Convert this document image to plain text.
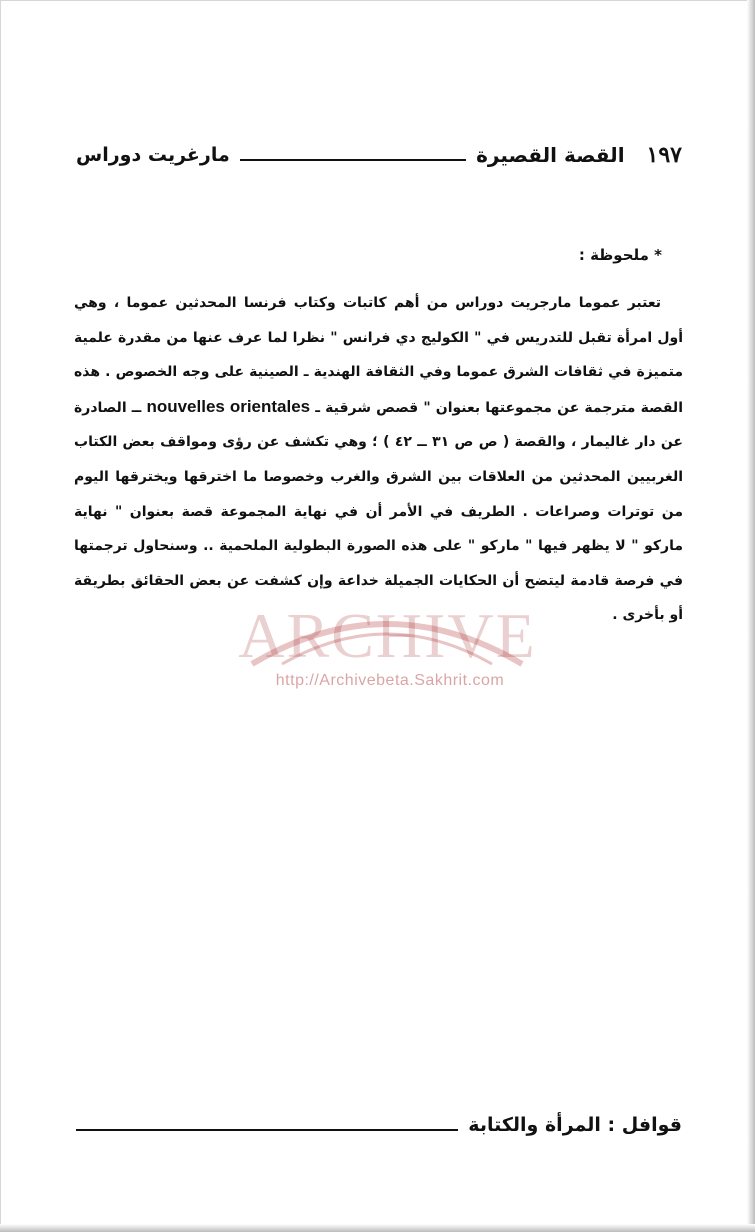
١٩٧
القصة القصيرة
مارغريت دوراس
ARCHIVE
http://Archivebeta.Sakhrit.com
* ملحوظة :

تعتبر عموما مارجريت دوراس من أهم كاتبات وكتاب فرنسا المحدثين عموما ، وهي أول امرأة تقبل للتدريس في " الكوليج دي فرانس " نظرا لما عرف عنها من مقدرة علمية متميزة في ثقافات الشرق عموما وفي الثقافة الهندية ـ الصينية على وجه الخصوص . هذه القصة مترجمة عن مجموعتها بعنوان " قصص شرقية ـ nouvelles orientales ــ الصادرة عن دار غاليمار ، والقصة ( ص ص ٣١ ــ ٤٢ ) ؛ وهي تكشف عن رؤى ومواقف بعض الكتاب الغربيين المحدثين من العلاقات بين الشرق والغرب وخصوصا ما اخترقها ويخترقها اليوم من توترات وصراعات . الطريف في الأمر أن في نهاية المجموعة قصة بعنوان " نهاية ماركو " لا يظهر فيها " ماركو " على هذه الصورة البطولية الملحمية .. وسنحاول ترجمتها في فرصة قادمة ليتضح أن الحكايات الجميلة خداعة وإن كشفت عن بعض الحقائق بطريقة أو بأخرى .

قوافل : المرأة والكتابة
